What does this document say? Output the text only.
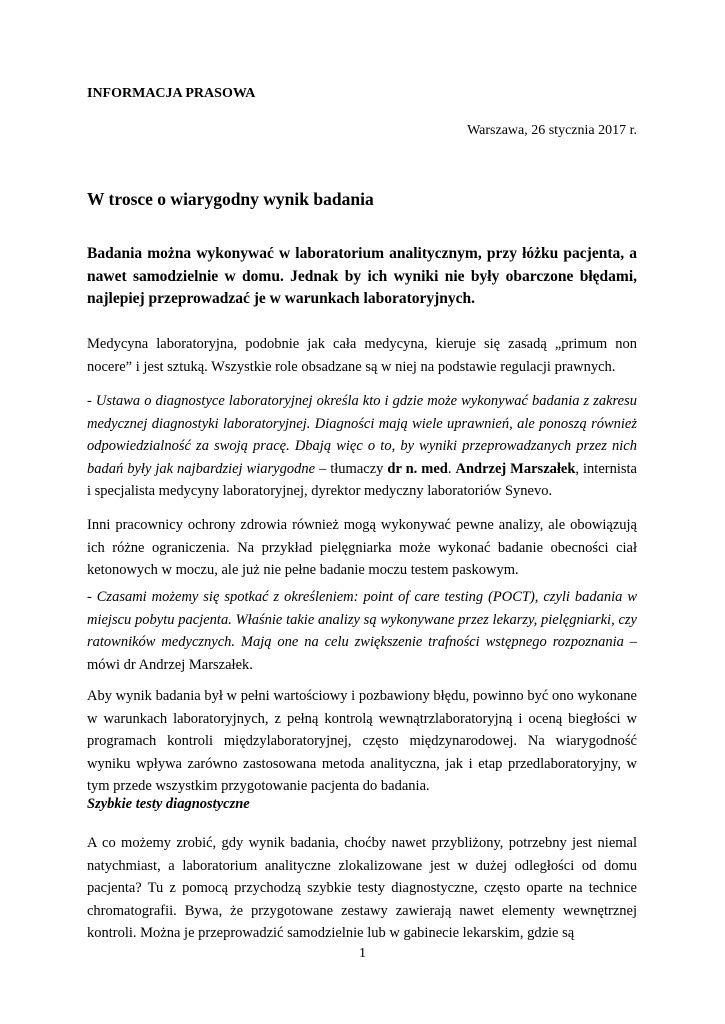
INFORMACJA PRASOWA
Warszawa, 26 stycznia 2017 r.
W trosce o wiarygodny wynik badania
Badania można wykonywać w laboratorium analitycznym, przy łóżku pacjenta, a nawet samodzielnie w domu. Jednak by ich wyniki nie były obarczone błędami, najlepiej przeprowadzać je w warunkach laboratoryjnych.

Medycyna laboratoryjna, podobnie jak cała medycyna, kieruje się zasadą „primum non nocere” i jest sztuką. Wszystkie role obsadzane są w niej na podstawie regulacji prawnych.

- Ustawa o diagnostyce laboratoryjnej określa kto i gdzie może wykonywać badania z zakresu medycznej diagnostyki laboratoryjnej. Diagności mają wiele uprawnień, ale ponoszą również odpowiedzialność za swoją pracę. Dbają więc o to, by wyniki przeprowadzanych przez nich badań były jak najbardziej wiarygodne – tłumaczy dr n. med. Andrzej Marszałek, internista i specjalista medycyny laboratoryjnej, dyrektor medyczny laboratoriów Synevo.

Inni pracownicy ochrony zdrowia również mogą wykonywać pewne analizy, ale obowiązują ich różne ograniczenia. Na przykład pielęgniarka może wykonać badanie obecności ciał ketonowych w moczu, ale już nie pełne badanie moczu testem paskowym.

- Czasami możemy się spotkać z określeniem: point of care testing (POCT), czyli badania w miejscu pobytu pacjenta. Właśnie takie analizy są wykonywane przez lekarzy, pielęgniarki, czy ratowników medycznych. Mają one na celu zwiększenie trafności wstępnego rozpoznania – mówi dr Andrzej Marszałek.

Aby wynik badania był w pełni wartościowy i pozbawiony błędu, powinno być ono wykonane w warunkach laboratoryjnych, z pełną kontrolą wewnątrzlaboratoryjną i oceną biegłości w programach kontroli międzylaboratoryjnej, często międzynarodowej. Na wiarygodność wyniku wpływa zarówno zastosowana metoda analityczna, jak i etap przedlaboratoryjny, w tym przede wszystkim przygotowanie pacjenta do badania.

Szybkie testy diagnostyczne

A co możemy zrobić, gdy wynik badania, choćby nawet przybliżony, potrzebny jest niemal natychmiast, a laboratorium analityczne zlokalizowane jest w dużej odległości od domu pacjenta? Tu z pomocą przychodzą szybkie testy diagnostyczne, często oparte na technice chromatografii. Bywa, że przygotowane zestawy zawierają nawet elementy wewnętrznej kontroli. Można je przeprowadzić samodzielnie lub w gabinecie lekarskim, gdzie są

1
